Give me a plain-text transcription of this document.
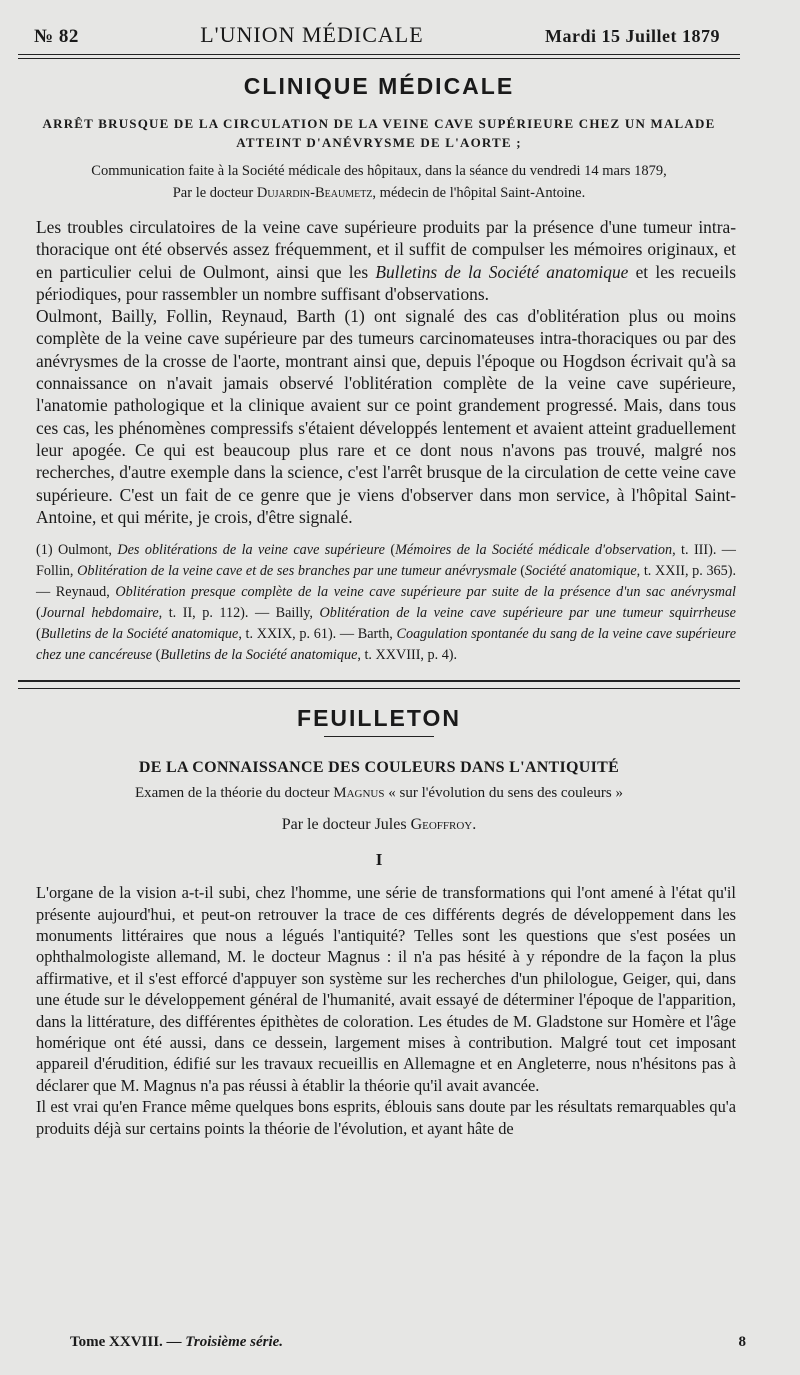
№ 82	L'UNION MÉDICALE	Mardi 15 Juillet 1879
CLINIQUE MÉDICALE
ARRÊT BRUSQUE DE LA CIRCULATION DE LA VEINE CAVE SUPÉRIEURE CHEZ UN MALADE
ATTEINT D'ANÉVRYSME DE L'AORTE ;
Communication faite à la Société médicale des hôpitaux, dans la séance du vendredi 14 mars 1879,
Par le docteur Dujardin-Beaumetz, médecin de l'hôpital Saint-Antoine.

Les troubles circulatoires de la veine cave supérieure produits par la présence d'une tumeur intra-thoracique ont été observés assez fréquemment, et il suffit de compulser les mémoires originaux, et en particulier celui de Oulmont, ainsi que les Bulletins de la Société anatomique et les recueils périodiques, pour rassembler un nombre suffisant d'observations.

Oulmont, Bailly, Follin, Reynaud, Barth (1) ont signalé des cas d'oblitération plus ou moins complète de la veine cave supérieure par des tumeurs carcinomateuses intra-thoraciques ou par des anévrysmes de la crosse de l'aorte, montrant ainsi que, depuis l'époque ou Hogdson écrivait qu'à sa connaissance on n'avait jamais observé l'oblitération complète de la veine cave supérieure, l'anatomie pathologique et la clinique avaient sur ce point grandement progressé. Mais, dans tous ces cas, les phénomènes compressifs s'étaient développés lentement et avaient atteint graduellement leur apogée. Ce qui est beaucoup plus rare et ce dont nous n'avons pas trouvé, malgré nos recherches, d'autre exemple dans la science, c'est l'arrêt brusque de la circulation de cette veine cave supérieure. C'est un fait de ce genre que je viens d'observer dans mon service, à l'hôpital Saint-Antoine, et qui mérite, je crois, d'être signalé.

(1) Oulmont, Des oblitérations de la veine cave supérieure (Mémoires de la Société médicale d'observation, t. III). — Follin, Oblitération de la veine cave et de ses branches par une tumeur anévrysmale (Société anatomique, t. XXII, p. 365). — Reynaud, Oblitération presque complète de la veine cave supérieure par suite de la présence d'un sac anévrysmal (Journal hebdomaire, t. II, p. 112). — Bailly, Oblitération de la veine cave supérieure par une tumeur squirrheuse (Bulletins de la Société anatomique, t. XXIX, p. 61). — Barth, Coagulation spontanée du sang de la veine cave supérieure chez une cancéreuse (Bulletins de la Société anatomique, t. XXVIII, p. 4).
FEUILLETON
DE LA CONNAISSANCE DES COULEURS DANS L'ANTIQUITÉ
Examen de la théorie du docteur Magnus « sur l'évolution du sens des couleurs »
Par le docteur Jules Geoffroy.
I

L'organe de la vision a-t-il subi, chez l'homme, une série de transformations qui l'ont amené à l'état qu'il présente aujourd'hui, et peut-on retrouver la trace de ces différents degrés de développement dans les monuments littéraires que nous a légués l'antiquité? Telles sont les questions que s'est posées un ophthalmologiste allemand, M. le docteur Magnus : il n'a pas hésité à y répondre de la façon la plus affirmative, et il s'est efforcé d'appuyer son système sur les recherches d'un philologue, Geiger, qui, dans une étude sur le développement général de l'humanité, avait essayé de déterminer l'époque de l'apparition, dans la littérature, des différentes épithètes de coloration. Les études de M. Gladstone sur Homère et l'âge homérique ont été aussi, dans ce dessein, largement mises à contribution. Malgré tout cet imposant appareil d'érudition, édifié sur les travaux recueillis en Allemagne et en Angleterre, nous n'hésitons pas à déclarer que M. Magnus n'a pas réussi à établir la théorie qu'il avait avancée.

Il est vrai qu'en France même quelques bons esprits, éblouis sans doute par les résultats remarquables qu'a produits déjà sur certains points la théorie de l'évolution, et ayant hâte de

Tome XXVIII. — Troisième série.	8
